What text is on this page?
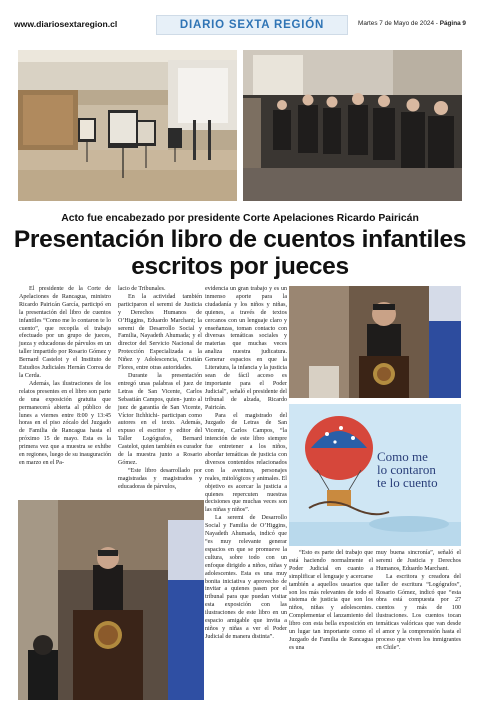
www.diariosextaregion.cl	DIARIO SEXTA REGIÓN	Martes 7 de Mayo de 2024 - Página 9
Acto fue encabezado por presidente Corte Apelaciones Ricardo Pairicán
Presentación libro de cuentos infantiles
escritos por jueces

El presidente de la Corte de Apelaciones de Rancagua, ministro Ricardo Pairicán García, participó en la presentación del libro de cuentos infantiles “Como me lo contaron te lo cuento”, que recopila el trabajo efectuado por un grupo de jueces, jueza y educadoras de párvulos en un taller impartido por Rosario Gómez y Bernard Castelot y el Instituto de Estudios Judiciales Hernán Correa de la Cerda.

Además, las ilustraciones de los relatos presentes en el libro son parte de una exposición gratuita que permanecerá abierta al público de lunes a viernes entre 8:00 y 13:45 horas en el piso zócalo del Juzgado de Familia de Rancagua hasta el próximo 15 de mayo. Esta es la primera vez que a muestra se exhibe en regiones, luego de su inauguración en marzo en el Pa-

lacio de Tribunales.

En la actividad también participaron el seremi de Justicia y Derechos Humanos de O’Higgins, Eduardo Marchant; la seremi de Desarrollo Social y Familia, Nayadeth Ahumada; y el director del Servicio Nacional de Protección Especializada a la Niñez y Adolescencia, Cristián Flores, entre otras autoridades.

Durante la presentación entregó unas palabras el juez de Letras de San Vicente, Carlos Sebastián Campos, quien- junto al juez de garantía de San Vicente, Víctor Itchhichi- participan como autores en el texto. Además, expuso el escritor y editor del Taller Logógrafos, Bernard Castelot, quien también es curador de la muestra junto a Rosario Gómez.

“Este libro desarrollado por magistradas y magistrados y educadoras de párvulos,

evidencia un gran trabajo y es un inmenso aporte para la ciudadanía y los niños y niñas, quienes, a través de textos cercanos con un lenguaje claro y enseñanzas, toman contacto con diversas temáticas sociales y materias que muchas veces analiza nuestra judicatura. Generar espacios en que la Literatura, la infancia y la justicia sean de fácil acceso es importante para el Poder Judicial”, señaló el presidente del tribunal de alzada, Ricardo Pairicán.

Para el magistrado del Juzgado de Letras de San Vicente, Carlos Campos, “la intención de este libro siempre fue entretener a los niños, abordar temáticas de justicia con diversos contenidos relacionados con la aventura, personajes reales, mitológicos y animales. El objetivo es acercar la justicia a quienes repercuten nuestras decisiones que muchas veces son las niñas y niños”.

La seremi de Desarrollo Social y Familia de O’Higgins, Nayadeth Ahumada, indicó que “es muy relevante generar espacios en que se promueve la cultura, sobre todo con un enfoque dirigido a niños, niñas y adolescentes. Esta es una muy bonita iniciativa y aprovecho de invitar a quienes pasen por el tribunal para que puedan visitar esta exposición con las ilustraciones de este libro en un espacio amigable que invita a niños y niñas a ver el Poder Judicial de manera distinta”.

Como me
lo contaron
te lo cuento

“Esto es parte del trabajo que está haciendo normalmente el Poder Judicial en cuanto a simplificar el lenguaje y acercarse también a aquellos usuarios que son los más relevantes de todo el sistema de justicia que son los niños, niñas y adolescentes. Complementar el lanzamiento del libro con esta bella exposición en un lugar tan importante como el Juzgado de Familia de Rancagua es una

muy buena sincronía”, señaló el seremi de Justicia y Derechos Humanos, Eduardo Marchant.

La escritora y creadora del taller de escritura “Logógrafos”, Rosario Gómez, indicó que “esta obra está compuesta por 27 cuentos y más de 100 ilustraciones. Los cuentos tocan temáticas valóricas que van desde el amor y la comprensión hasta el proceso que viven los inmigrantes en Chile”.
